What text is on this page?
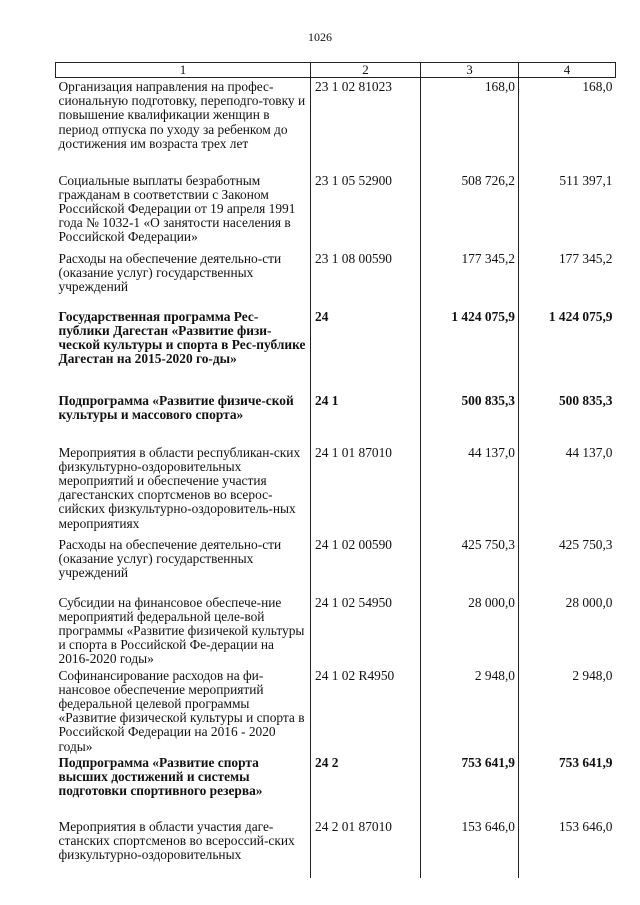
1026
1	2	3	4
Организация направления на профес-сиональную подготовку, переподго-товку и повышение квалификации женщин в период отпуска по уходу за ребенком до достижения им возраста трех лет	23 1 02 81023	168,0	168,0
Социальные выплаты безработным гражданам в соответствии с Законом Российской Федерации от 19 апреля 1991 года № 1032-1 «О занятости населения в Российской Федерации»	23 1 05 52900	508 726,2	511 397,1
Расходы на обеспечение деятельно-сти (оказание услуг) государственных учреждений	23 1 08 00590	177 345,2	177 345,2
Государственная программа Рес-публики Дагестан «Развитие физи-ческой культуры и спорта в Рес-публике Дагестан на 2015-2020 го-ды»	24	1 424 075,9	1 424 075,9
Подпрограмма «Развитие физиче-ской культуры и массового спорта»	24 1	500 835,3	500 835,3
Мероприятия в области республикан-ских физкультурно-оздоровительных мероприятий и обеспечение участия дагестанских спортсменов во всерос-сийских физкультурно-оздоровитель-ных мероприятиях	24 1 01 87010	44 137,0	44 137,0
Расходы на обеспечение деятельно-сти (оказание услуг) государственных учреждений	24 1 02 00590	425 750,3	425 750,3
Субсидии на финансовое обеспече-ние мероприятий федеральной целе-вой программы «Развитие физичекой культуры и спорта в Российской Фе-дерации на 2016-2020 годы»	24 1 02 54950	28 000,0	28 000,0
Софинансирование расходов на фи-нансовое обеспечение мероприятий федеральной целевой программы «Развитие физической культуры и спорта в Российской Федерации на 2016 - 2020 годы»	24 1 02 R4950	2 948,0	2 948,0
Подпрограмма «Развитие спорта высших достижений и системы подготовки спортивного резерва»	24 2	753 641,9	753 641,9
Мероприятия в области участия даге-станских спортсменов во всероссий-ских физкультурно-оздоровительных	24 2 01 87010	153 646,0	153 646,0
